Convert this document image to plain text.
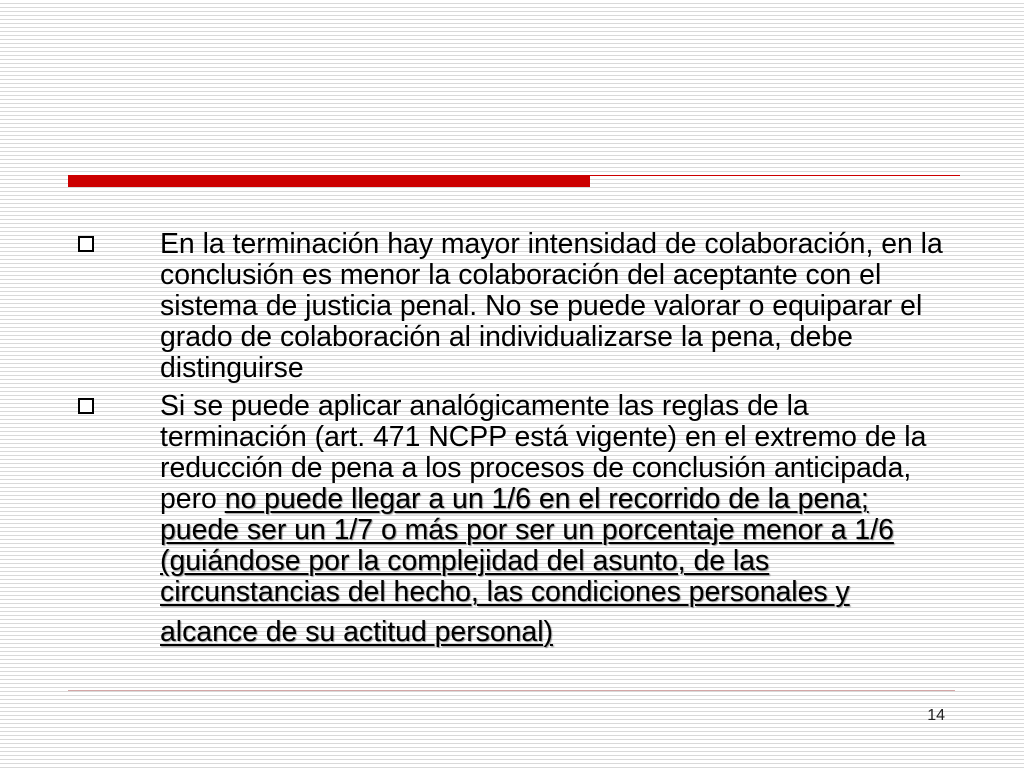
En la terminación hay mayor intensidad de colaboración, en la
conclusión es menor la colaboración del aceptante con el
sistema de justicia penal. No se puede valorar o equiparar el
grado de colaboración al individualizarse la pena, debe
distinguirse
Si se puede aplicar analógicamente las reglas de la
terminación (art. 471 NCPP está vigente) en el extremo de la
reducción de pena a los procesos de conclusión anticipada,
pero no puede llegar a un 1/6 en el recorrido de la pena;
puede ser un 1/7 o más por ser un porcentaje menor a 1/6
(guiándose por la complejidad del asunto, de las
circunstancias del hecho, las condiciones personales y
alcance de su actitud personal)
14
